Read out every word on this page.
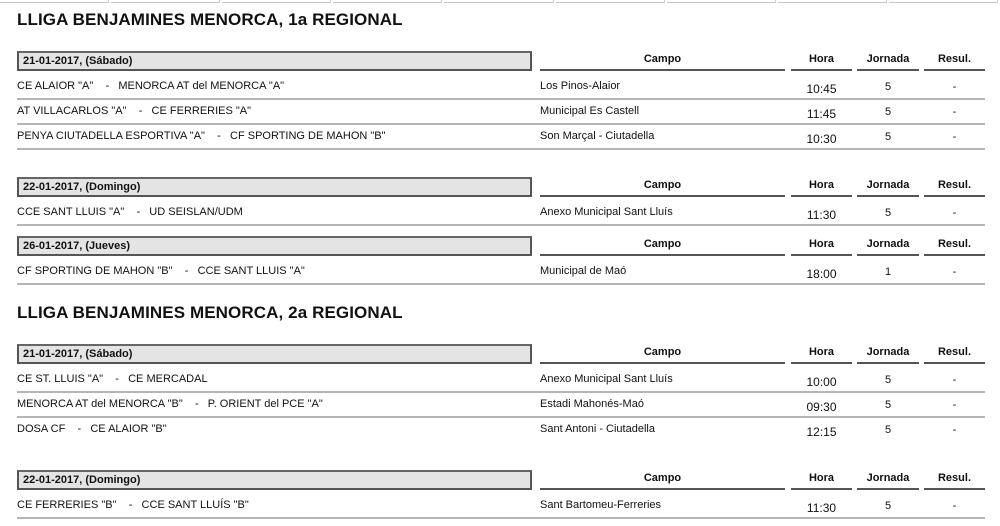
LLIGA BENJAMINES MENORCA, 1a REGIONAL
21-01-2017, (Sábado)	Campo	Hora	Jornada	Resul.
CE ALAIOR "A"    -   MENORCA AT del MENORCA "A"	Los Pinos-Alaior	10:45	5	-
AT VILLACARLOS "A"    -   CE FERRERIES "A"	Municipal Es Castell	11:45	5	-
PENYA CIUTADELLA ESPORTIVA "A"    -   CF SPORTING DE MAHON "B"	Son Marçal - Ciutadella	10:30	5	-
22-01-2017, (Domingo)	Campo	Hora	Jornada	Resul.
CCE SANT LLUIS "A"    -   UD SEISLAN/UDM	Anexo Municipal Sant Lluís	11:30	5	-
26-01-2017, (Jueves)	Campo	Hora	Jornada	Resul.
CF SPORTING DE MAHON "B"    -   CCE SANT LLUIS "A"	Municipal de Maó	18:00	1	-
LLIGA BENJAMINES MENORCA, 2a REGIONAL
21-01-2017, (Sábado)	Campo	Hora	Jornada	Resul.
CE ST. LLUIS "A"    -   CE MERCADAL	Anexo Municipal Sant Lluís	10:00	5	-
MENORCA AT del MENORCA "B"    -   P. ORIENT del PCE "A"	Estadi Mahonés-Maó	09:30	5	-
DOSA CF    -   CE ALAIOR "B"	Sant Antoni - Ciutadella	12:15	5	-
22-01-2017, (Domingo)	Campo	Hora	Jornada	Resul.
CE FERRERIES "B"    -   CCE SANT LLUÍS "B"	Sant Bartomeu-Ferreries	11:30	5	-
